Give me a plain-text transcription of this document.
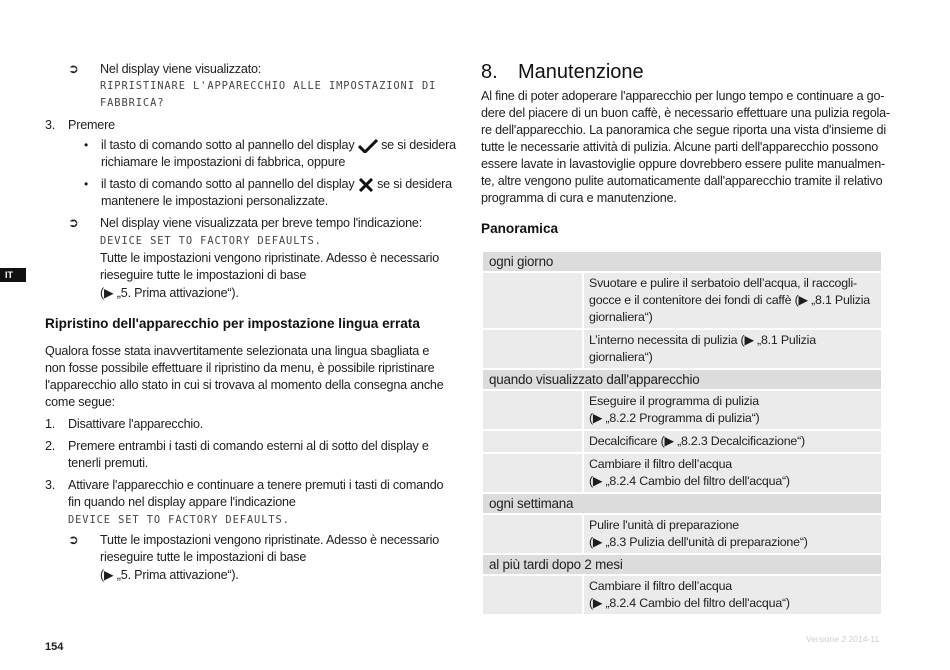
IT
➲ Nel display viene visualizzato:
RIPRISTINARE L'APPARECCHIO ALLE IMPOSTAZIONI DI
FABBRICA?
3. Premere
• il tasto di comando sotto al pannello del display se si desidera
richiamare le impostazioni di fabbrica, oppure
• il tasto di comando sotto al pannello del display se si desidera
mantenere le impostazioni personalizzate.
➲ Nel display viene visualizzata per breve tempo l'indicazione:
DEVICE SET TO FACTORY DEFAULTS.
Tutte le impostazioni vengono ripristinate. Adesso è necessario
rieseguire tutte le impostazioni di base
(▶ „5. Prima attivazione“).
Ripristino dell'apparecchio per impostazione lingua errata
Qualora fosse stata inavvertitamente selezionata una lingua sbagliata e
non fosse possibile effettuare il ripristino da menu, è possibile ripristinare
l'apparecchio allo stato in cui si trovava al momento della consegna anche
come segue:
1. Disattivare l'apparecchio.
2. Premere entrambi i tasti di comando esterni al di sotto del display e
tenerli premuti.
3. Attivare l'apparecchio e continuare a tenere premuti i tasti di comando
fin quando nel display appare l'indicazione
DEVICE SET TO FACTORY DEFAULTS.
➲ Tutte le impostazioni vengono ripristinate. Adesso è necessario
rieseguire tutte le impostazioni di base
(▶ „5. Prima attivazione“).
8. Manutenzione
Al fine di poter adoperare l'apparecchio per lungo tempo e continuare a go-
dere del piacere di un buon caffè, è necessario effettuare una pulizia regola-
re dell'apparecchio. La panoramica che segue riporta una vista d'insieme di
tutte le necessarie attività di pulizia. Alcune parti dell'apparecchio possono
essere lavate in lavastoviglie oppure dovrebbero essere pulite manualmen-
te, altre vengono pulite automaticamente dall'apparecchio tramite il relativo
programma di cura e manutenzione.
Panoramica
ogni giorno	

	Svuotare e pulire il serbatoio dell’acqua, il raccogli-
gocce e il contenitore dei fondi di caffè (▶ „8.1 Pulizia
giornaliera“)

	L’interno necessita di pulizia (▶ „8.1 Pulizia giornaliera“)

quando visualizzato dall'apparecchio	

	Eseguire il programma di pulizia
(▶ „8.2.2 Programma di pulizia“)

	Decalcificare (▶ „8.2.3 Decalcificazione“)

	Cambiare il filtro dell’acqua
(▶ „8.2.4 Cambio del filtro dell'acqua“)

ogni settimana	

	Pulire l'unità di preparazione
(▶ „8.3 Pulizia dell'unità di preparazione“)

al più tardi dopo 2 mesi	

	Cambiare il filtro dell’acqua
(▶ „8.2.4 Cambio del filtro dell'acqua“)
154
Versione 2 2014-11
